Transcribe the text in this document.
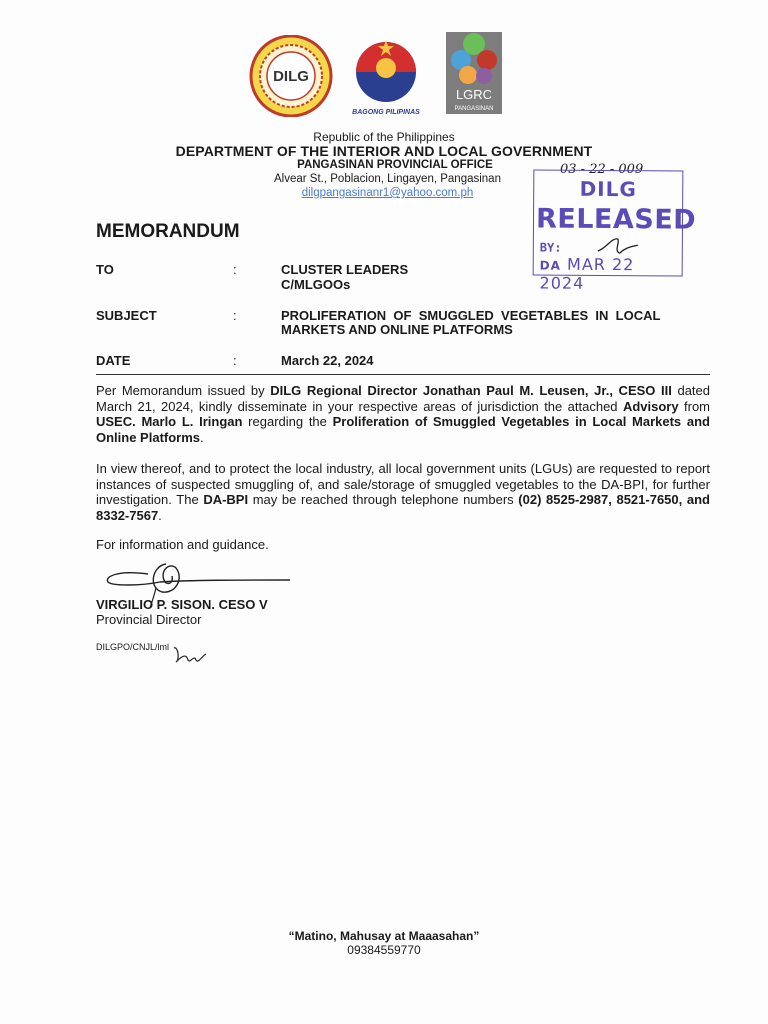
DILG
BAGONG PILIPINAS
LGRC
PANGASINAN
Republic of the Philippines
DEPARTMENT OF THE INTERIOR AND LOCAL GOVERNMENT
PANGASINAN PROVINCIAL OFFICE
Alvear St., Poblacion, Lingayen, Pangasinan
dilgpangasinanr1@yahoo.com.ph
03 - 22 - 009
DILG
RELEASED
BY:
DA MAR 22 2024
MEMORANDUM
TO	:	CLUSTER LEADERS
C/MLGOOs
SUBJECT	:	PROLIFERATION  OF  SMUGGLED  VEGETABLES  IN  LOCAL
MARKETS AND ONLINE PLATFORMS
DATE	:	March 22, 2024
Per Memorandum issued by DILG Regional Director Jonathan Paul M. Leusen, Jr., CESO III dated March 21, 2024, kindly disseminate in your respective areas of jurisdiction the attached Advisory from USEC. Marlo L. Iringan regarding the Proliferation of Smuggled Vegetables in Local Markets and Online Platforms.
In view thereof, and to protect the local industry, all local government units (LGUs) are requested to report instances of suspected smuggling of, and sale/storage of smuggled vegetables to the DA-BPI, for further investigation. The DA-BPI may be reached through telephone numbers (02) 8525-2987, 8521-7650, and 8332-7567.
For information and guidance.
VIRGILIO P. SISON. CESO V
Provincial Director
DILGPO/CNJL/lml
“Matino, Mahusay at Maaasahan”
09384559770
